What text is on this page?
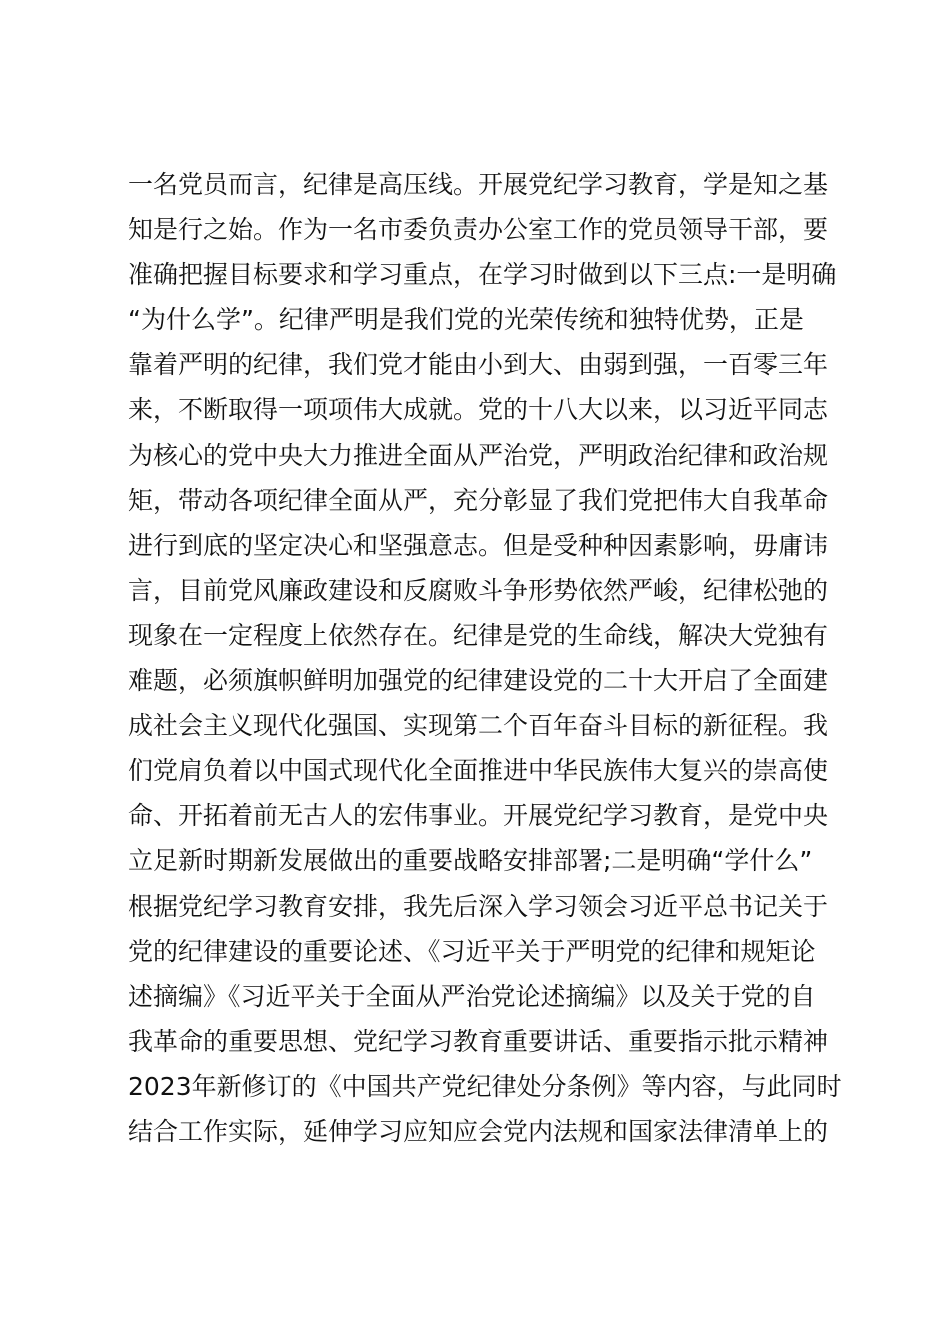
一名党员而言，纪律是高压线。开展党纪学习教育，学是知之基
知是行之始。作为一名市委负责办公室工作的党员领导干部，要
准确把握目标要求和学习重点，在学习时做到以下三点:一是明确
“为什么学”。纪律严明是我们党的光荣传统和独特优势，正是
靠着严明的纪律，我们党才能由小到大、由弱到强，一百零三年
来，不断取得一项项伟大成就。党的十八大以来，以习近平同志
为核心的党中央大力推进全面从严治党，严明政治纪律和政治规
矩，带动各项纪律全面从严，充分彰显了我们党把伟大自我革命
进行到底的坚定决心和坚强意志。但是受种种因素影响，毋庸讳
言，目前党风廉政建设和反腐败斗争形势依然严峻，纪律松弛的
现象在一定程度上依然存在。纪律是党的生命线，解决大党独有
难题，必须旗帜鲜明加强党的纪律建设党的二十大开启了全面建
成社会主义现代化强国、实现第二个百年奋斗目标的新征程。我
们党肩负着以中国式现代化全面推进中华民族伟大复兴的崇高使
命、开拓着前无古人的宏伟事业。开展党纪学习教育，是党中央
立足新时期新发展做出的重要战略安排部署;二是明确“学什么”
根据党纪学习教育安排，我先后深入学习领会习近平总书记关于
党的纪律建设的重要论述、《习近平关于严明党的纪律和规矩论
述摘编》《习近平关于全面从严治党论述摘编》以及关于党的自
我革命的重要思想、党纪学习教育重要讲话、重要指示批示精神
2023年新修订的《中国共产党纪律处分条例》等内容，与此同时
结合工作实际，延伸学习应知应会党内法规和国家法律清单上的
